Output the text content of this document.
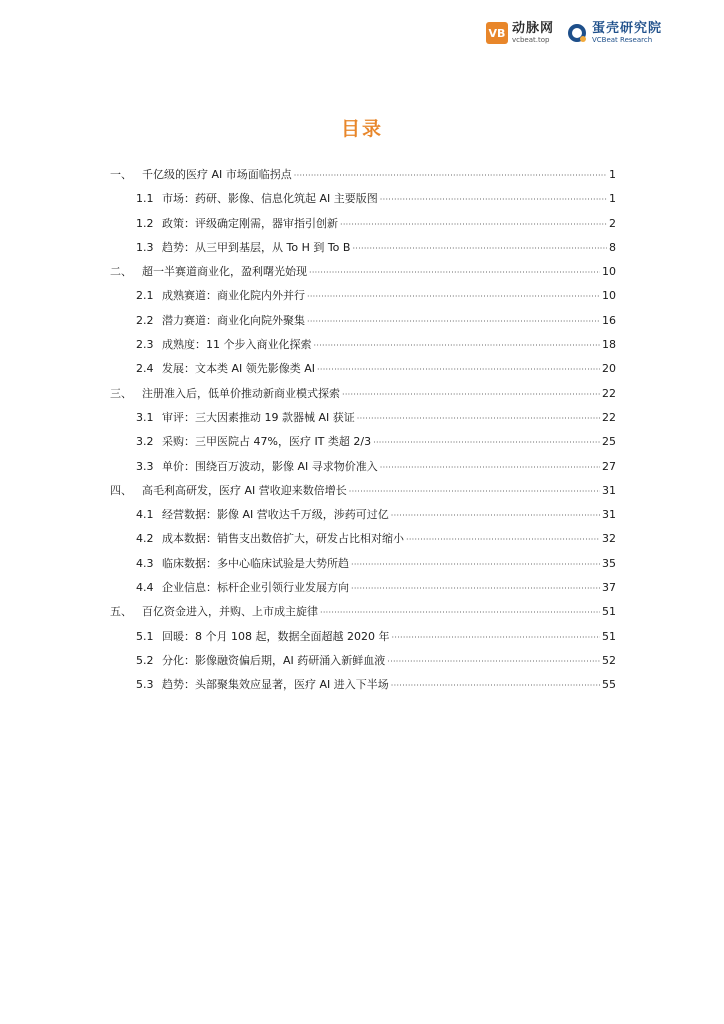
VB 动脉网
vcbeat.top
蛋壳研究院
VCBeat Research
目录
一、 千亿级的医疗 AI 市场面临拐点 ·····	1
1.1 市场：药研、影像、信息化筑起 AI 主要版图 ·····	1
1.2 政策：评级确定刚需，器审指引创新 ·····	2
1.3 趋势：从三甲到基层，从 To H 到 To B ·····	8
二、 超一半赛道商业化，盈利曙光始现 ·····	10
2.1 成熟赛道：商业化院内外并行 ·····	10
2.2 潜力赛道：商业化向院外聚集 ·····	16
2.3 成熟度：11 个步入商业化探索 ·····	18
2.4 发展：文本类 AI 领先影像类 AI ·····	20
三、 注册准入后，低单价推动新商业模式探索 ·····	22
3.1 审评：三大因素推动 19 款器械 AI 获证 ·····	22
3.2 采购：三甲医院占 47%，医疗 IT 类超 2/3 ·····	25
3.3 单价：围绕百万波动，影像 AI 寻求物价准入 ·····	27
四、 高毛利高研发，医疗 AI 营收迎来数倍增长 ·····	31
4.1 经营数据：影像 AI 营收达千万级，涉药可过亿 ·····	31
4.2 成本数据：销售支出数倍扩大，研发占比相对缩小 ·····	32
4.3 临床数据：多中心临床试验是大势所趋 ·····	35
4.4 企业信息：标杆企业引领行业发展方向 ·····	37
五、 百亿资金进入，并购、上市成主旋律 ·····	51
5.1 回暖：8 个月 108 起，数据全面超越 2020 年 ·····	51
5.2 分化：影像融资偏后期，AI 药研涌入新鲜血液 ·····	52
5.3 趋势：头部聚集效应显著，医疗 AI 进入下半场 ·····	55
